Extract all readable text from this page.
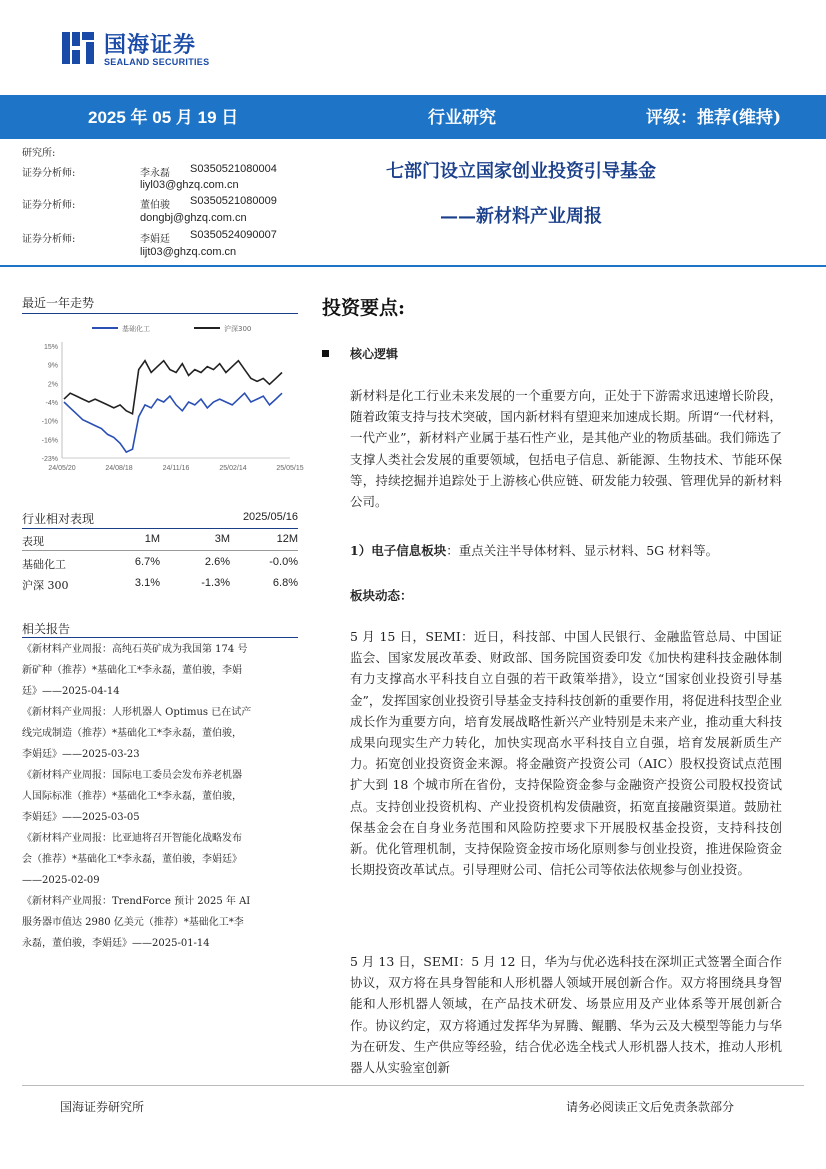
国海证券
SEALAND SECURITIES
2025 年 05 月 19 日	行业研究	评级：推荐(维持)
研究所:
证券分析师:	李永磊 S0350521080004
liyl03@ghzq.com.cn
证券分析师:	董伯骏 S0350521080009
dongbj@ghzq.com.cn
证券分析师:	李娟廷 S0350524090007
lijt03@ghzq.com.cn
七部门设立国家创业投资引导基金
——新材料产业周报
最近一年走势
基础化工	沪深300
15%
9%
2%
-4%
-10%
-16%
-23%
24/05/20	24/08/18	24/11/16	25/02/14	25/05/15
行业相对表现	2025/05/16
表现	1M	3M	12M
基础化工	6.7%	2.6%	-0.0%
沪深 300	3.1%	-1.3%	6.8%
相关报告
《新材料产业周报：高纯石英矿成为我国第 174 号
新矿种（推荐）*基础化工*李永磊，董伯骏，李娟
廷》——2025-04-14
《新材料产业周报：人形机器人 Optimus 已在试产
线完成制造（推荐）*基础化工*李永磊，董伯骏，
李娟廷》——2025-03-23
《新材料产业周报：国际电工委员会发布养老机器
人国际标准（推荐）*基础化工*李永磊，董伯骏，
李娟廷》——2025-03-05
《新材料产业周报：比亚迪将召开智能化战略发布
会（推荐）*基础化工*李永磊，董伯骏，李娟廷》
——2025-02-09
《新材料产业周报：TrendForce 预计 2025 年 AI
服务器市值达 2980 亿美元（推荐）*基础化工*李
永磊，董伯骏，李娟廷》——2025-01-14
投资要点:
核心逻辑
新材料是化工行业未来发展的一个重要方向，正处于下游需求迅速增长阶段，随着政策支持与技术突破，国内新材料有望迎来加速成长期。所谓“一代材料，一代产业”，新材料产业属于基石性产业，是其他产业的物质基础。我们筛选了支撑人类社会发展的重要领域，包括电子信息、新能源、生物技术、节能环保等，持续挖掘并追踪处于上游核心供应链、研发能力较强、管理优异的新材料公司。
1）电子信息板块：重点关注半导体材料、显示材料、5G 材料等。
板块动态：
5 月 15 日，SEMI：近日，科技部、中国人民银行、金融监管总局、中国证监会、国家发展改革委、财政部、国务院国资委印发《加快构建科技金融体制有力支撑高水平科技自立自强的若干政策举措》，设立“国家创业投资引导基金”，发挥国家创业投资引导基金支持科技创新的重要作用，将促进科技型企业成长作为重要方向，培育发展战略性新兴产业特别是未来产业，推动重大科技成果向现实生产力转化，加快实现高水平科技自立自强，培育发展新质生产力。拓宽创业投资资金来源。将金融资产投资公司（AIC）股权投资试点范围扩大到 18 个城市所在省份，支持保险资金参与金融资产投资公司股权投资试点。支持创业投资机构、产业投资机构发债融资，拓宽直接融资渠道。鼓励社保基金会在自身业务范围和风险防控要求下开展股权基金投资，支持科技创新。优化管理机制，支持保险资金按市场化原则参与创业投资，推进保险资金长期投资改革试点。引导理财公司、信托公司等依法依规参与创业投资。
5 月 13 日，SEMI：5 月 12 日，华为与优必选科技在深圳正式签署全面合作协议，双方将在具身智能和人形机器人领域开展创新合作。双方将围绕具身智能和人形机器人领域，在产品技术研发、场景应用及产业体系等开展创新合作。协议约定，双方将通过发挥华为昇腾、鲲鹏、华为云及大模型等能力与华为在研发、生产供应等经验，结合优必选全栈式人形机器人技术，推动人形机器人从实验室创新
国海证券研究所	请务必阅读正文后免责条款部分
